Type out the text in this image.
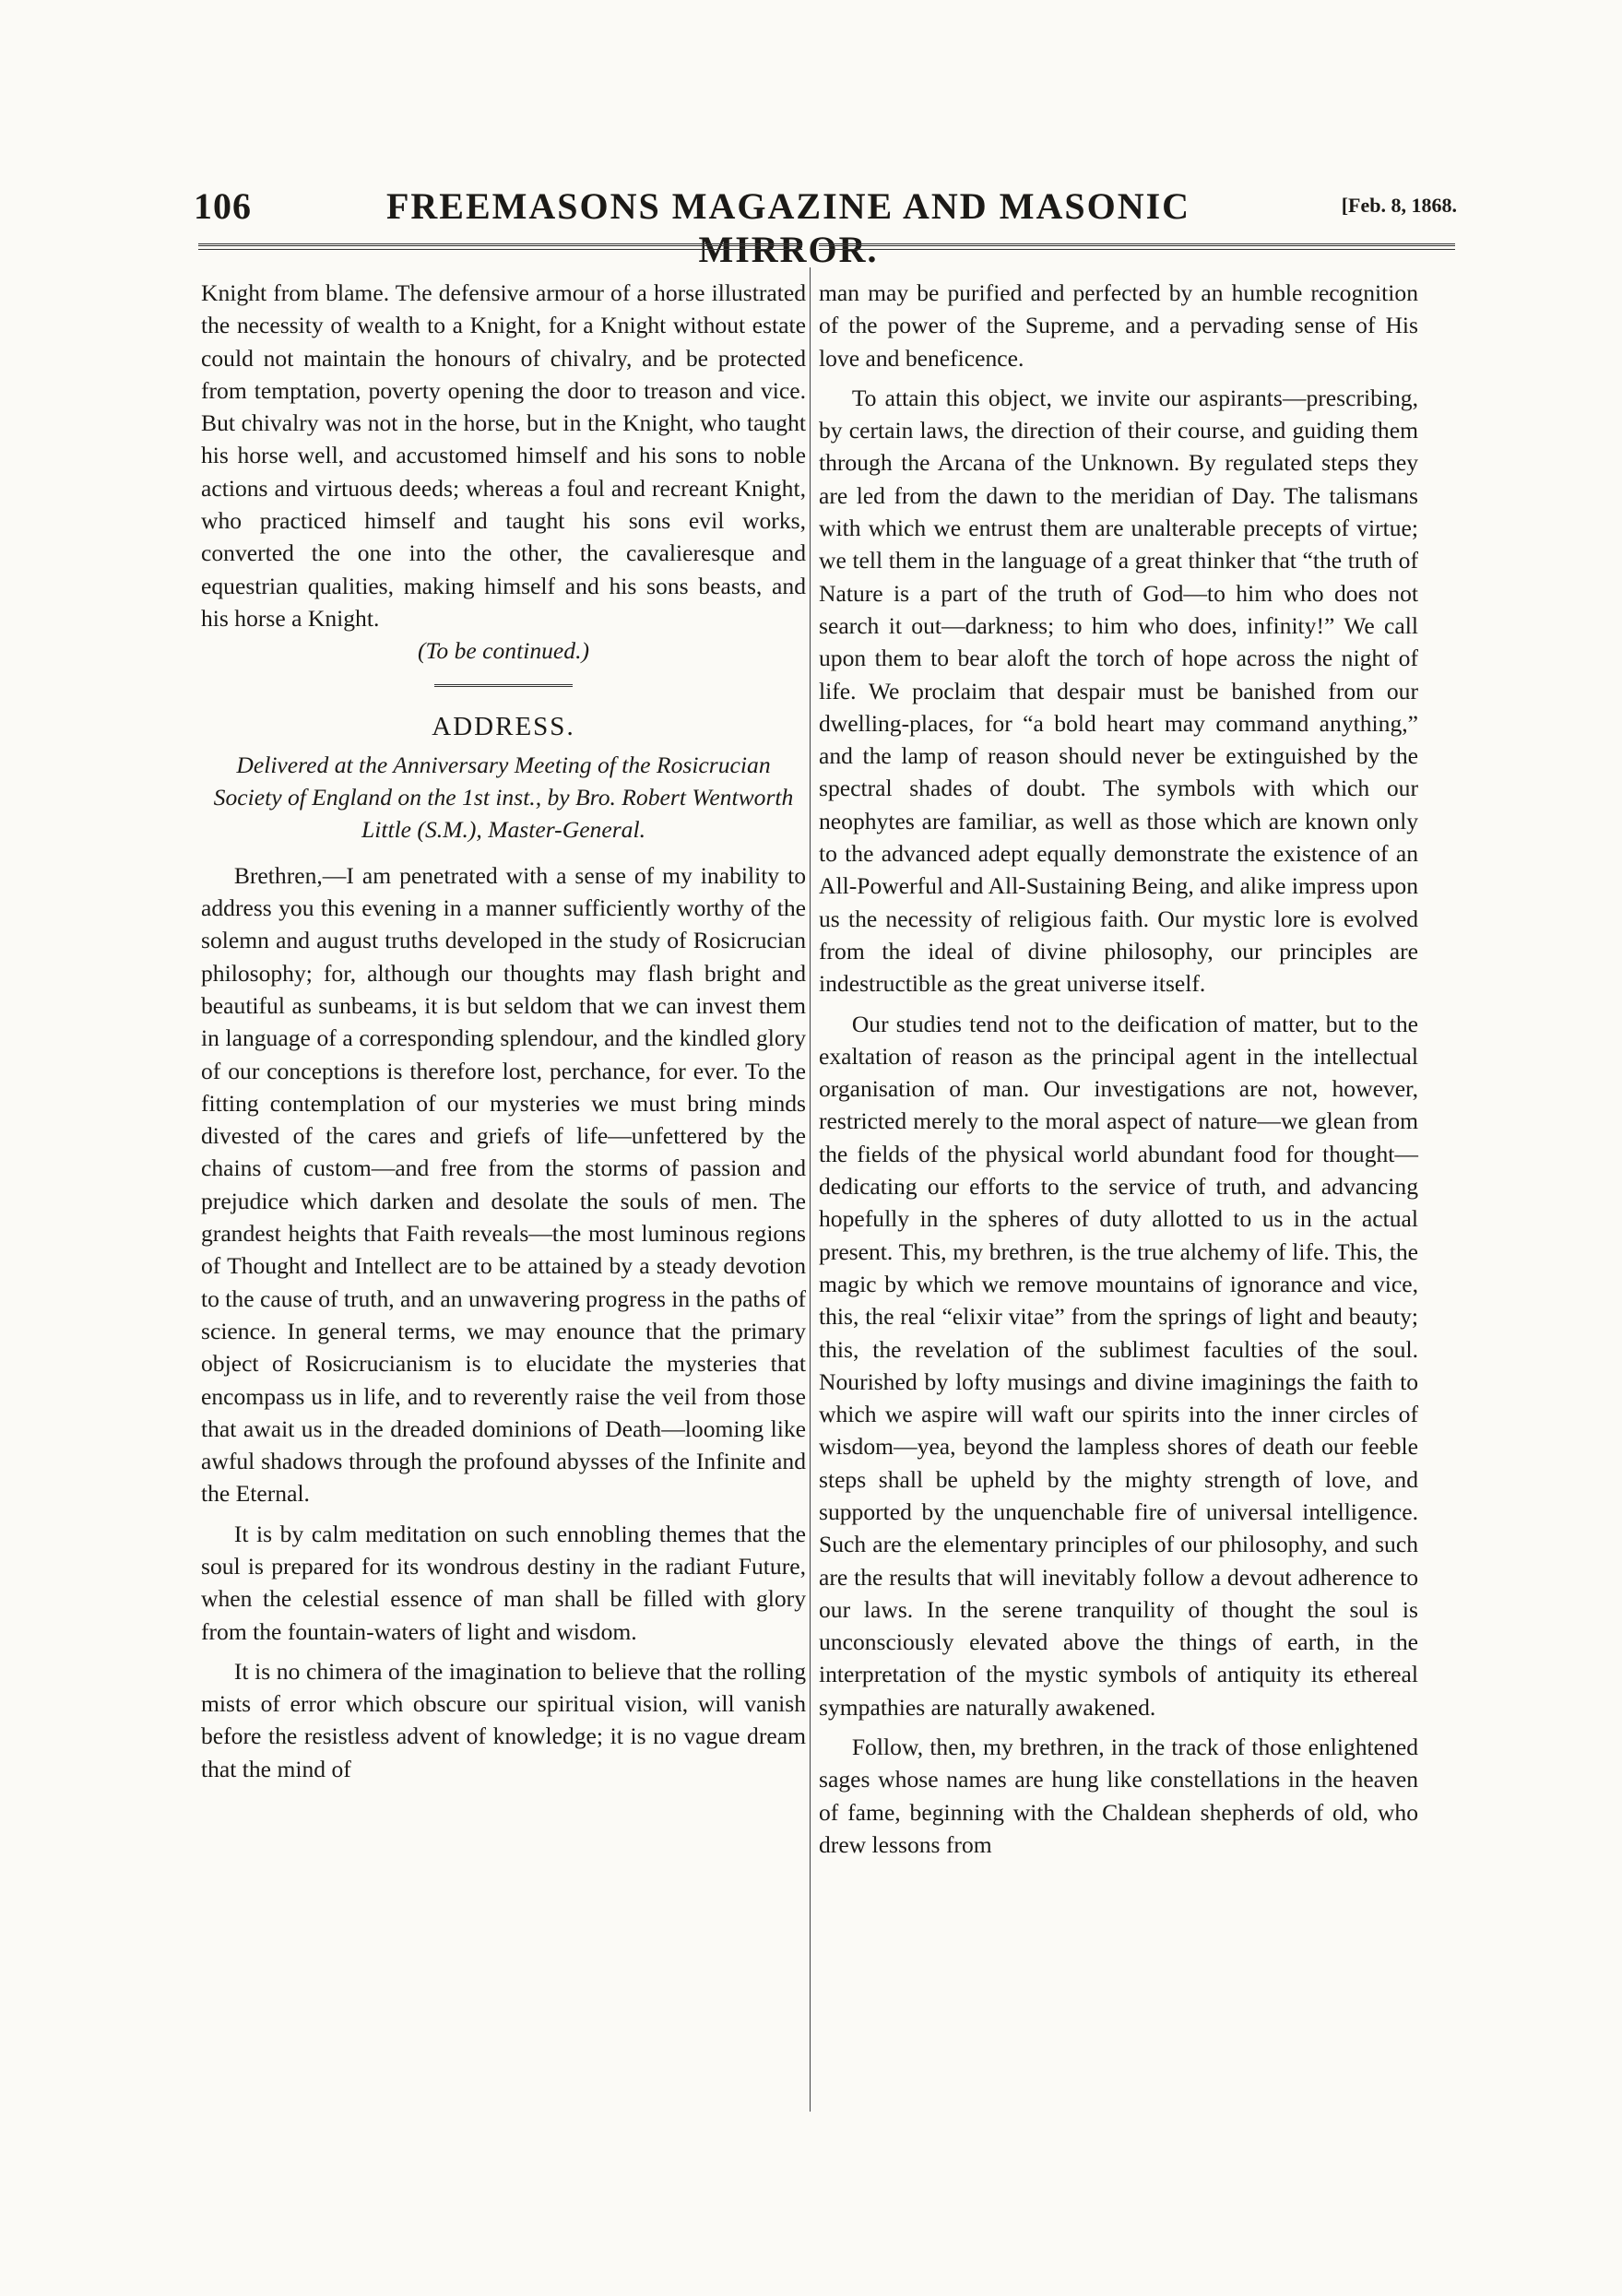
106	FREEMASONS MAGAZINE AND MASONIC MIRROR.
[Feb. 8, 1868.

Knight from blame. The defensive armour of a horse illustrated the necessity of wealth to a Knight, for a Knight without estate could not maintain the honours of chivalry, and be protected from temptation, poverty opening the door to treason and vice. But chivalry was not in the horse, but in the Knight, who taught his horse well, and accustomed himself and his sons to noble actions and virtuous deeds; whereas a foul and recreant Knight, who practiced himself and taught his sons evil works, converted the one into the other, the cavalieresque and equestrian qualities, making himself and his sons beasts, and his horse a Knight.

(To be continued.)

ADDRESS.

Delivered at the Anniversary Meeting of the Rosicrucian Society of England on the 1st inst., by Bro. Robert Wentworth Little (S.M.), Master-General.

Brethren,—I am penetrated with a sense of my inability to address you this evening in a manner sufficiently worthy of the solemn and august truths developed in the study of Rosicrucian philosophy; for, although our thoughts may flash bright and beautiful as sunbeams, it is but seldom that we can invest them in language of a corresponding splendour, and the kindled glory of our conceptions is therefore lost, perchance, for ever. To the fitting contemplation of our mysteries we must bring minds divested of the cares and griefs of life—unfettered by the chains of custom—and free from the storms of passion and prejudice which darken and desolate the souls of men. The grandest heights that Faith reveals—the most luminous regions of Thought and Intellect are to be attained by a steady devotion to the cause of truth, and an unwavering progress in the paths of science. In general terms, we may enounce that the primary object of Rosicrucianism is to elucidate the mysteries that encompass us in life, and to reverently raise the veil from those that await us in the dreaded dominions of Death—looming like awful shadows through the profound abysses of the Infinite and the Eternal.

It is by calm meditation on such ennobling themes that the soul is prepared for its wondrous destiny in the radiant Future, when the celestial essence of man shall be filled with glory from the fountain-waters of light and wisdom.

It is no chimera of the imagination to believe that the rolling mists of error which obscure our spiritual vision, will vanish before the resistless advent of knowledge; it is no vague dream that the mind of

man may be purified and perfected by an humble recognition of the power of the Supreme, and a pervading sense of His love and beneficence.

To attain this object, we invite our aspirants—prescribing, by certain laws, the direction of their course, and guiding them through the Arcana of the Unknown. By regulated steps they are led from the dawn to the meridian of Day. The talismans with which we entrust them are unalterable precepts of virtue; we tell them in the language of a great thinker that “the truth of Nature is a part of the truth of God—to him who does not search it out—darkness; to him who does, infinity!” We call upon them to bear aloft the torch of hope across the night of life. We proclaim that despair must be banished from our dwelling-places, for “a bold heart may command anything,” and the lamp of reason should never be extinguished by the spectral shades of doubt. The symbols with which our neophytes are familiar, as well as those which are known only to the advanced adept equally demonstrate the existence of an All-Powerful and All-Sustaining Being, and alike impress upon us the necessity of religious faith. Our mystic lore is evolved from the ideal of divine philosophy, our principles are indestructible as the great universe itself.

Our studies tend not to the deification of matter, but to the exaltation of reason as the principal agent in the intellectual organisation of man. Our investigations are not, however, restricted merely to the moral aspect of nature—we glean from the fields of the physical world abundant food for thought—dedicating our efforts to the service of truth, and advancing hopefully in the spheres of duty allotted to us in the actual present. This, my brethren, is the true alchemy of life. This, the magic by which we remove mountains of ignorance and vice, this, the real “elixir vitae” from the springs of light and beauty; this, the revelation of the sublimest faculties of the soul. Nourished by lofty musings and divine imaginings the faith to which we aspire will waft our spirits into the inner circles of wisdom—yea, beyond the lampless shores of death our feeble steps shall be upheld by the mighty strength of love, and supported by the unquenchable fire of universal intelligence. Such are the elementary principles of our philosophy, and such are the results that will inevitably follow a devout adherence to our laws. In the serene tranquility of thought the soul is unconsciously elevated above the things of earth, in the interpretation of the mystic symbols of antiquity its ethereal sympathies are naturally awakened.

Follow, then, my brethren, in the track of those enlightened sages whose names are hung like constellations in the heaven of fame, beginning with the Chaldean shepherds of old, who drew lessons from
